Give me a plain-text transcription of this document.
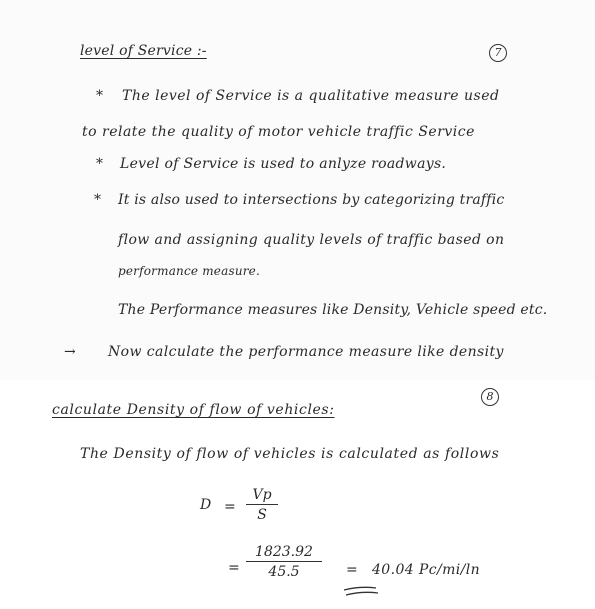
level of Service :-	7
* The level of Service is a qualitative measure used
to relate the quality of motor vehicle traffic Service
* Level of Service is used to anlyze roadways.
* It is also used to intersections by categorizing traffic
flow and assigning quality levels of traffic based on
performance measure.
The Performance measures like Density, Vehicle speed etc.
→ Now calculate the performance measure like density
calculate Density of flow of vehicles:
8
The Density of flow of vehicles is calculated as follows
$D = \frac{Vp}{S}$
= $\frac{1823.92}{45.5} = 40.04$ Pc/mi/ln
